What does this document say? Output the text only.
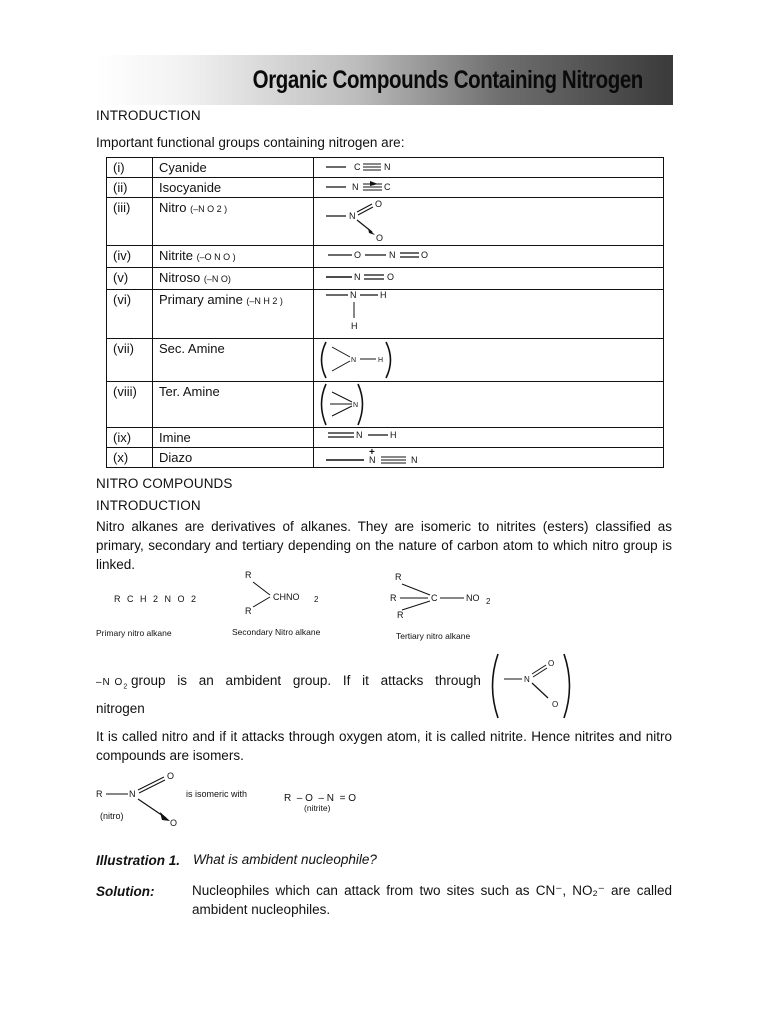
Organic Compounds Containing Nitrogen
INTRODUCTION
Important functional groups containing nitrogen are:
(i)	Cyanide	C N

(ii)	Isocyanide	N C

(iii)	Nitro (–N O 2 )	N
O
O

(iv)	Nitrite (–O N O )	O N O

(v)	Nitroso (–N O)	N O

(vi)	Primary amine (–N H 2 )	N H
H

(vii)	Sec. Amine	N H

(viii)	Ter. Amine	N

(ix)	Imine	N H

(x)	Diazo	+
N N
NITRO COMPOUNDS
INTRODUCTION
Nitro alkanes are derivatives of alkanes. They are isomeric to nitrites (esters) classified as primary, secondary and tertiary depending on the nature of carbon atom to which nitro group is linked.
R C H 2 N O 2
Primary nitro alkane
R
R
CHNO 2
Secondary Nitro alkane
R
R	C	NO 2
R
Tertiary nitro alkane
–N $O_2$ group is an ambident group. If it attacks through nitrogen
N
O
O
It is called nitro and if it attacks through oxygen atom, it is called nitrite. Hence nitrites and nitro compounds are isomers.
R	N
O
O
(nitro)
is isomeric with	R  – O  – N  = O
(nitrite)
Illustration 1. What is ambident nucleophile?
Solution:	Nucleophiles which can attack from two sites such as CN⁻, NO₂⁻ are called ambident nucleophiles.
